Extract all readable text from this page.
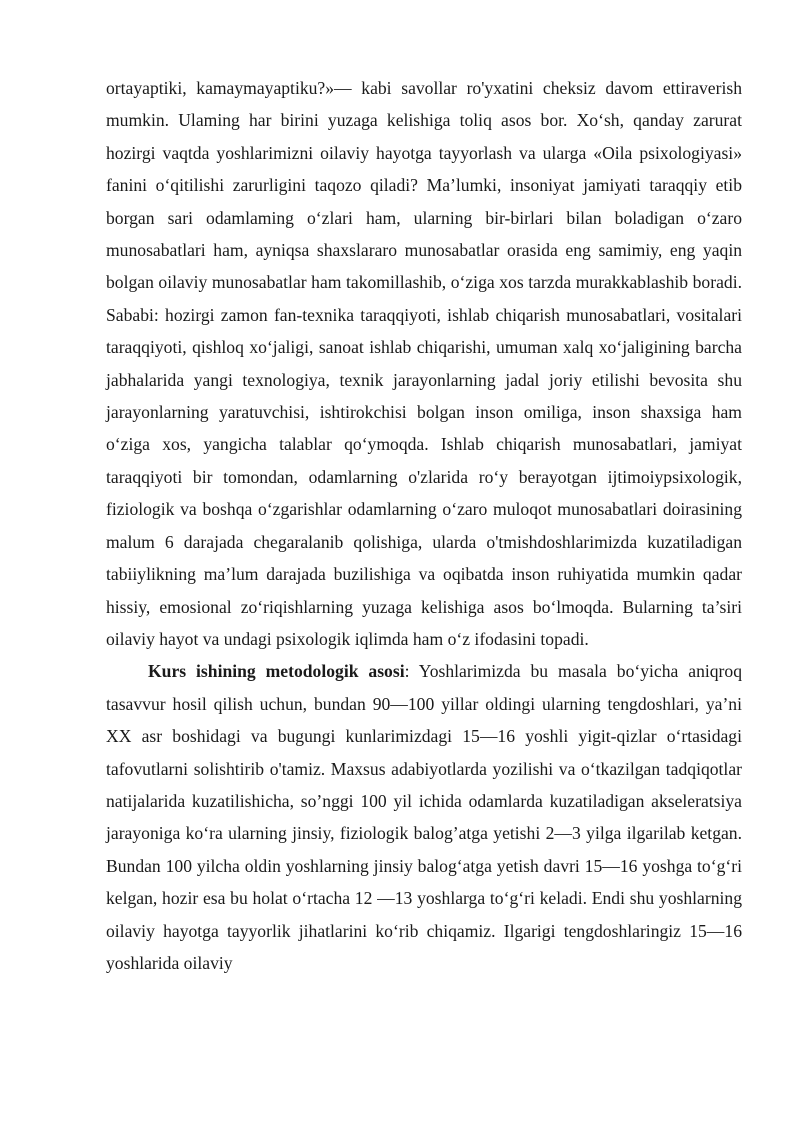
ortayaptiki, kamaymayaptiku?»— kabi savollar ro'yxatini cheksiz davom ettiraverish mumkin. Ulaming har birini yuzaga kelishiga toliq asos bor. Xo‘sh, qanday zarurat hozirgi vaqtda yoshlarimizni oilaviy hayotga tayyorlash va ularga «Oila psixologiyasi» fanini o‘qitilishi zarurligini taqozo qiladi? Ma’lumki, insoniyat jamiyati taraqqiy etib borgan sari odamlaming o‘zlari ham, ularning bir-birlari bilan boladigan o‘zaro munosabatlari ham, ayniqsa shaxslararo munosabatlar orasida eng samimiy, eng yaqin bolgan oilaviy munosabatlar ham takomillashib, o‘ziga xos tarzda murakkablashib boradi. Sababi: hozirgi zamon fan-texnika taraqqiyoti, ishlab chiqarish munosabatlari, vositalari taraqqiyoti, qishloq xo‘jaligi, sanoat ishlab chiqarishi, umuman xalq xo‘jaligining barcha jabhalarida yangi texnologiya, texnik jarayonlarning jadal joriy etilishi bevosita shu jarayonlarning yaratuvchisi, ishtirokchisi bolgan inson omiliga, inson shaxsiga ham o‘ziga xos, yangicha talablar qo‘ymoqda. Ishlab chiqarish munosabatlari, jamiyat taraqqiyoti bir tomondan, odamlarning o'zlarida ro‘y berayotgan ijtimoiypsixologik, fiziologik va boshqa o‘zgarishlar odamlarning o‘zaro muloqot munosabatlari doirasining malum 6 darajada chegaralanib qolishiga, ularda o'tmishdoshlarimizda kuzatiladigan tabiiylikning ma’lum darajada buzilishiga va oqibatda inson ruhiyatida mumkin qadar hissiy, emosional zo‘riqishlarning yuzaga kelishiga asos bo‘lmoqda. Bularning ta’siri oilaviy hayot va undagi psixologik iqlimda ham o‘z ifodasini topadi.

Kurs ishining metodologik asosi: Yoshlarimizda bu masala bo‘yicha aniqroq tasavvur hosil qilish uchun, bundan 90—100 yillar oldingi ularning tengdoshlari, ya’ni XX asr boshidagi va bugungi kunlarimizdagi 15—16 yoshli yigit-qizlar o‘rtasidagi tafovutlarni solishtirib o'tamiz. Maxsus adabiyotlarda yozilishi va o‘tkazilgan tadqiqotlar natijalarida kuzatilishicha, so’nggi 100 yil ichida odamlarda kuzatiladigan akseleratsiya jarayoniga ko‘ra ularning jinsiy, fiziologik balog’atga yetishi 2—3 yilga ilgarilab ketgan. Bundan 100 yilcha oldin yoshlarning jinsiy balog‘atga yetish davri 15—16 yoshga to‘g‘ri kelgan, hozir esa bu holat o‘rtacha 12 —13 yoshlarga to‘g‘ri keladi. Endi shu yoshlarning oilaviy hayotga tayyorlik jihatlarini ko‘rib chiqamiz. Ilgarigi tengdoshlaringiz 15—16 yoshlarida oilaviy
